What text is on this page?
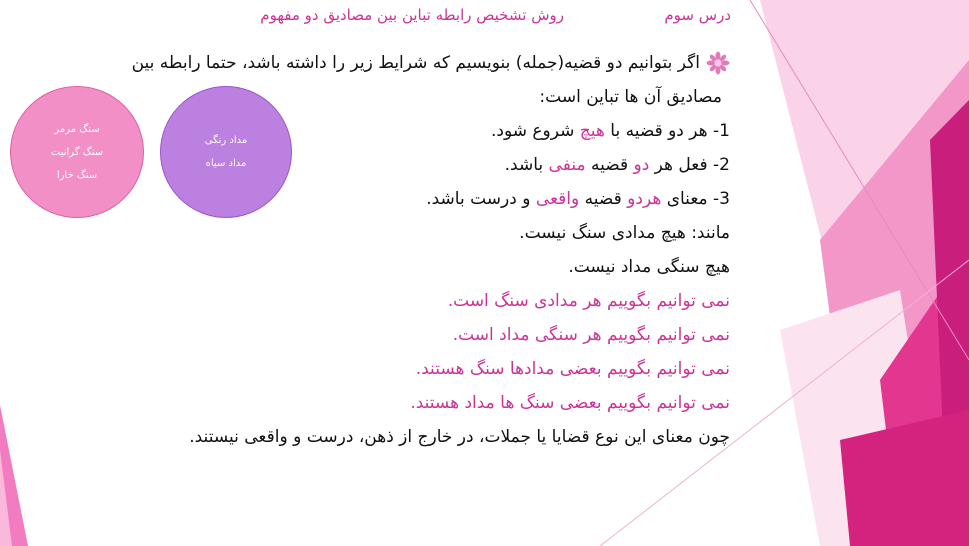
درس سوم
روش تشخیص رابطه تباین بین مصادیق دو مفهوم
سنگ مرمر
سنگ گرانیت
سنگ خارا
مداد رنگی
مداد سیاه
اگر بتوانیم دو قضیه(جمله) بنویسیم که شرایط زیر را داشته باشد، حتما رابطه بین
مصادیق آن ها تباین است:
1- هر دو قضیه با هیچ شروع شود.
2- فعل هر دو قضیه منفی باشد.
3- معنای هردو قضیه واقعی و درست باشد.
مانند: هیچ مدادی سنگ نیست.
هیچ سنگی مداد نیست.
نمی توانیم بگوییم هر مدادی سنگ است.
نمی توانیم بگوییم هر سنگی مداد است.
نمی توانیم بگوییم بعضی مدادها سنگ هستند.
نمی توانیم بگوییم بعضی سنگ ها مداد هستند.
چون معنای این نوع قضایا یا جملات، در خارج از ذهن، درست و واقعی نیستند.
